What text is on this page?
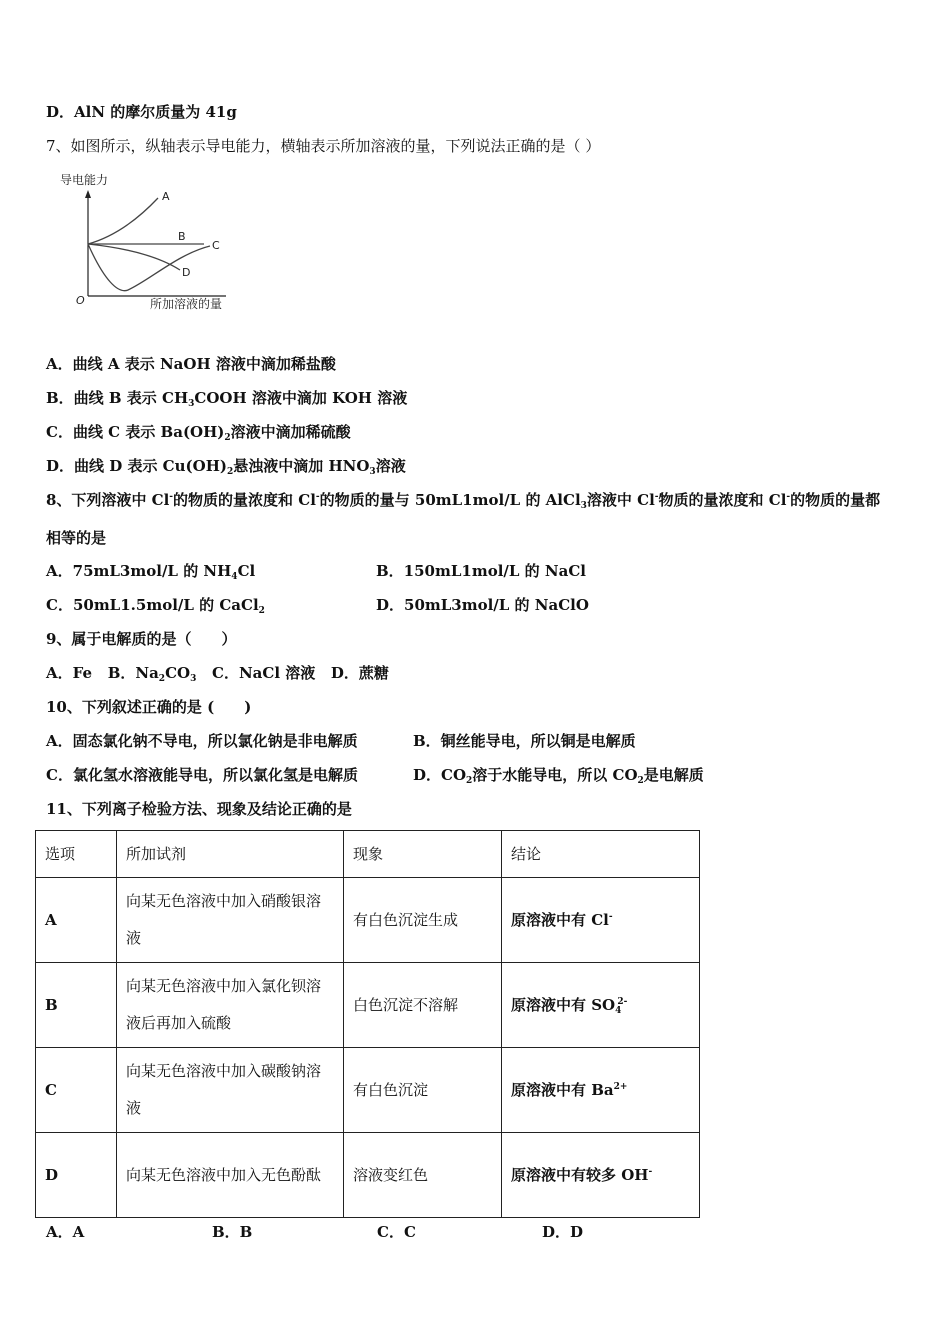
D．AlN 的摩尔质量为 41g
7、如图所示，纵轴表示导电能力，横轴表示所加溶液的量，下列说法正确的是（ ）
导电能力
A
B
C
D
O	所加溶液的量
A．曲线 A 表示 NaOH 溶液中滴加稀盐酸
B．曲线 B 表示 $CH_3COOH$ 溶液中滴加 KOH 溶液
C．曲线 C 表示 $Ba(OH)_2$溶液中滴加稀硫酸
D．曲线 D 表示 $Cu(OH)_2$悬浊液中滴加 $HNO_3$溶液
8、下列溶液中 Cl-的物质的量浓度和 Cl-的物质的量与 50mL1mol/L 的 AlCl$_3$溶液中 Cl-物质的量浓度和 Cl-的物质的量都
相等的是
A．75mL3mol/L 的 $NH_4Cl$	B．150mL1mol/L 的 NaCl
C．50mL1.5mol/L 的 CaCl$_2$	D．50mL3mol/L 的 NaClO
9、属于电解质的是（　　）
A．Fe B．$Na_2CO_3$ C．NaCl 溶液 D．蔗糖
10、下列叙述正确的是 (　　)
A．固态氯化钠不导电，所以氯化钠是非电解质	B．铜丝能导电，所以铜是电解质
C．氯化氢水溶液能导电，所以氯化氢是电解质	D．$CO_2$溶于水能导电，所以 $CO_2$是电解质
11、下列离子检验方法、现象及结论正确的是
选项	所加试剂	现象	结论
A	向某无色溶液中加入硝酸银溶液	有白色沉淀生成	原溶液中有 Cl-
B	向某无色溶液中加入氯化钡溶液后再加入硫酸	白色沉淀不溶解	原溶液中有 $SO_4^{2-}$
C	向某无色溶液中加入碳酸钠溶液	有白色沉淀	原溶液中有 $Ba^{2+}$
D	向某无色溶液中加入无色酚酞	溶液变红色	原溶液中有较多 OH-
A．A	B．B	C．C	D．D
